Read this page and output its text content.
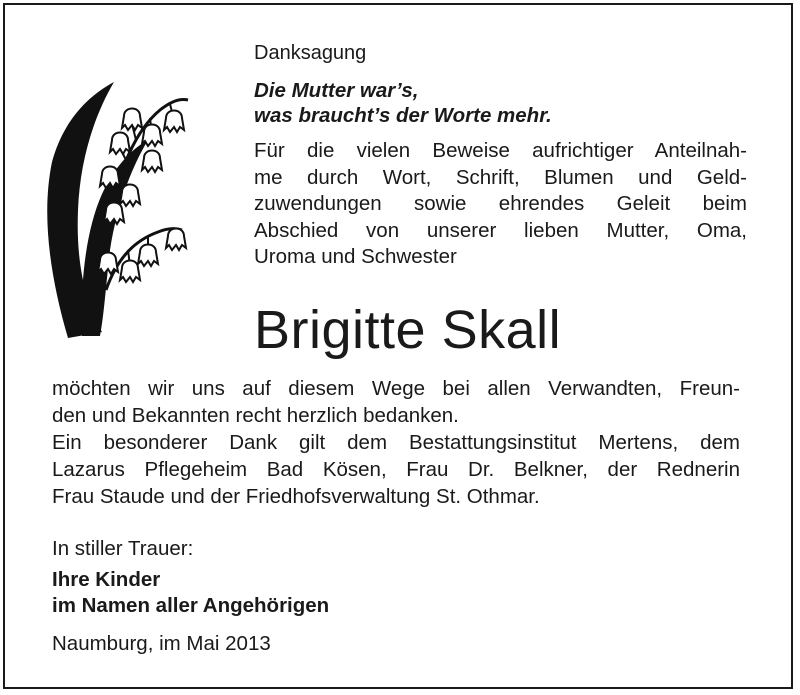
Danksagung
Die Mutter war’s,
was braucht’s der Worte mehr.
Für die vielen Beweise aufrichtiger Anteilnah-
me durch Wort, Schrift, Blumen und Geld-
zuwendungen sowie ehrendes Geleit beim
Abschied von unserer lieben Mutter, Oma,
Uroma und Schwester
Brigitte Skall
möchten wir uns auf diesem Wege bei allen Verwandten, Freun-
den und Bekannten recht herzlich bedanken.
Ein besonderer Dank gilt dem Bestattungsinstitut Mertens, dem
Lazarus Pflegeheim Bad Kösen, Frau Dr. Belkner, der Rednerin
Frau Staude und der Friedhofsverwaltung St. Othmar.
In stiller Trauer:
Ihre Kinder
im Namen aller Angehörigen
Naumburg, im Mai 2013
